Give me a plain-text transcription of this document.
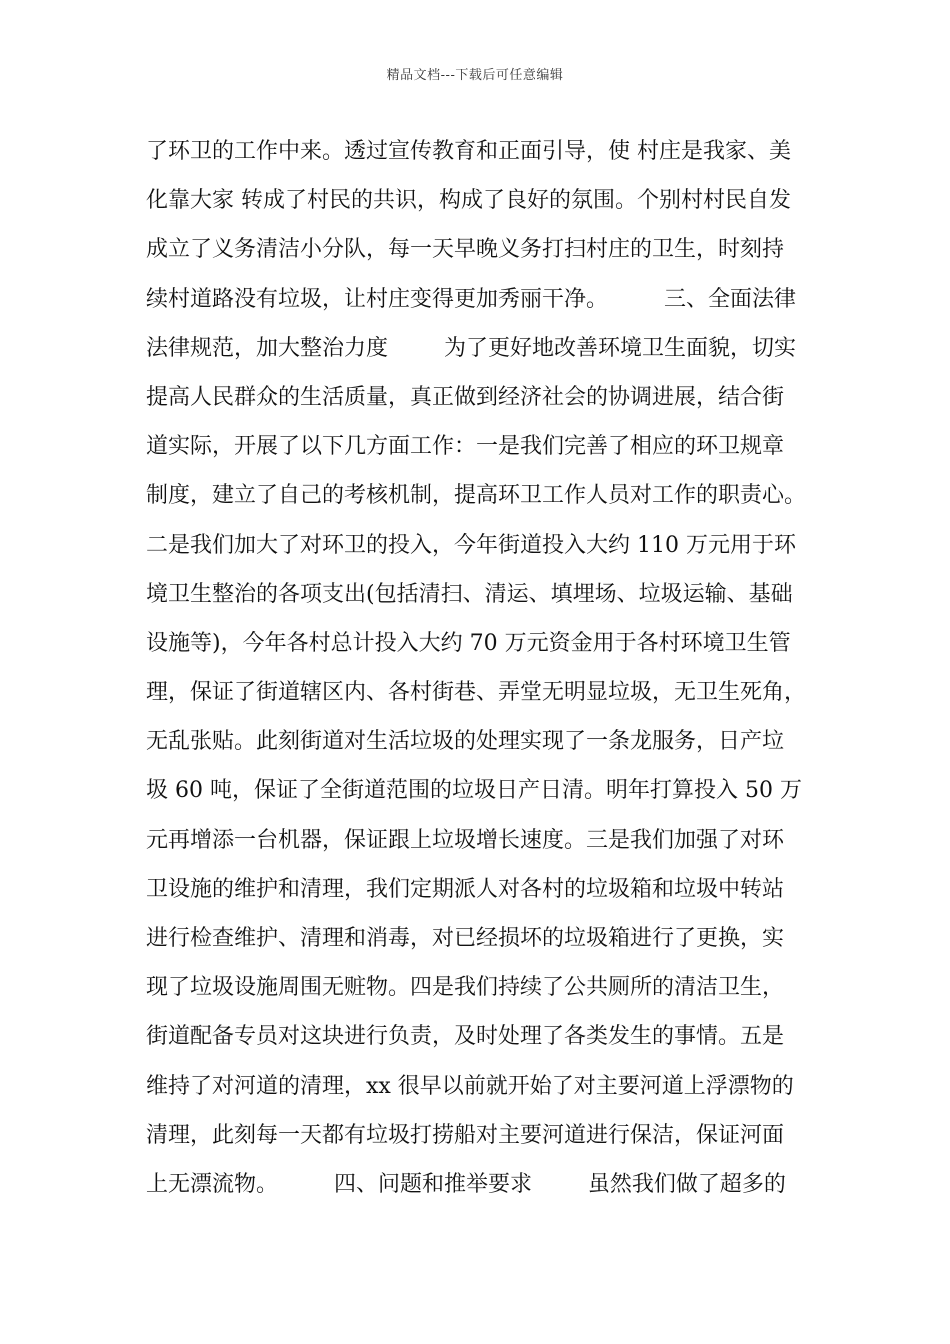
精品文档---下载后可任意编辑
了环卫的工作中来。透过宣传教育和正面引导，使 村庄是我家、美
化靠大家 转成了村民的共识，构成了良好的氛围。个别村村民自发
成立了义务清洁小分队，每一天早晚义务打扫村庄的卫生，时刻持
续村道路没有垃圾，让村庄变得更加秀丽干净。        三、全面法律
法律规范，加大整治力度        为了更好地改善环境卫生面貌，切实
提高人民群众的生活质量，真正做到经济社会的协调进展，结合街
道实际，开展了以下几方面工作：一是我们完善了相应的环卫规章
制度，建立了自己的考核机制，提高环卫工作人员对工作的职责心。
二是我们加大了对环卫的投入，今年街道投入大约 110 万元用于环
境卫生整治的各项支出(包括清扫、清运、填埋场、垃圾运输、基础
设施等)，今年各村总计投入大约 70 万元资金用于各村环境卫生管
理，保证了街道辖区内、各村街巷、弄堂无明显垃圾，无卫生死角，
无乱张贴。此刻街道对生活垃圾的处理实现了一条龙服务，日产垃
圾 60 吨，保证了全街道范围的垃圾日产日清。明年打算投入 50 万
元再增添一台机器，保证跟上垃圾增长速度。三是我们加强了对环
卫设施的维护和清理，我们定期派人对各村的垃圾箱和垃圾中转站
进行检查维护、清理和消毒，对已经损坏的垃圾箱进行了更换，实
现了垃圾设施周围无赃物。四是我们持续了公共厕所的清洁卫生，
街道配备专员对这块进行负责，及时处理了各类发生的事情。五是
维持了对河道的清理，xx 很早以前就开始了对主要河道上浮漂物的
清理，此刻每一天都有垃圾打捞船对主要河道进行保洁，保证河面
上无漂流物。        四、问题和推举要求        虽然我们做了超多的
